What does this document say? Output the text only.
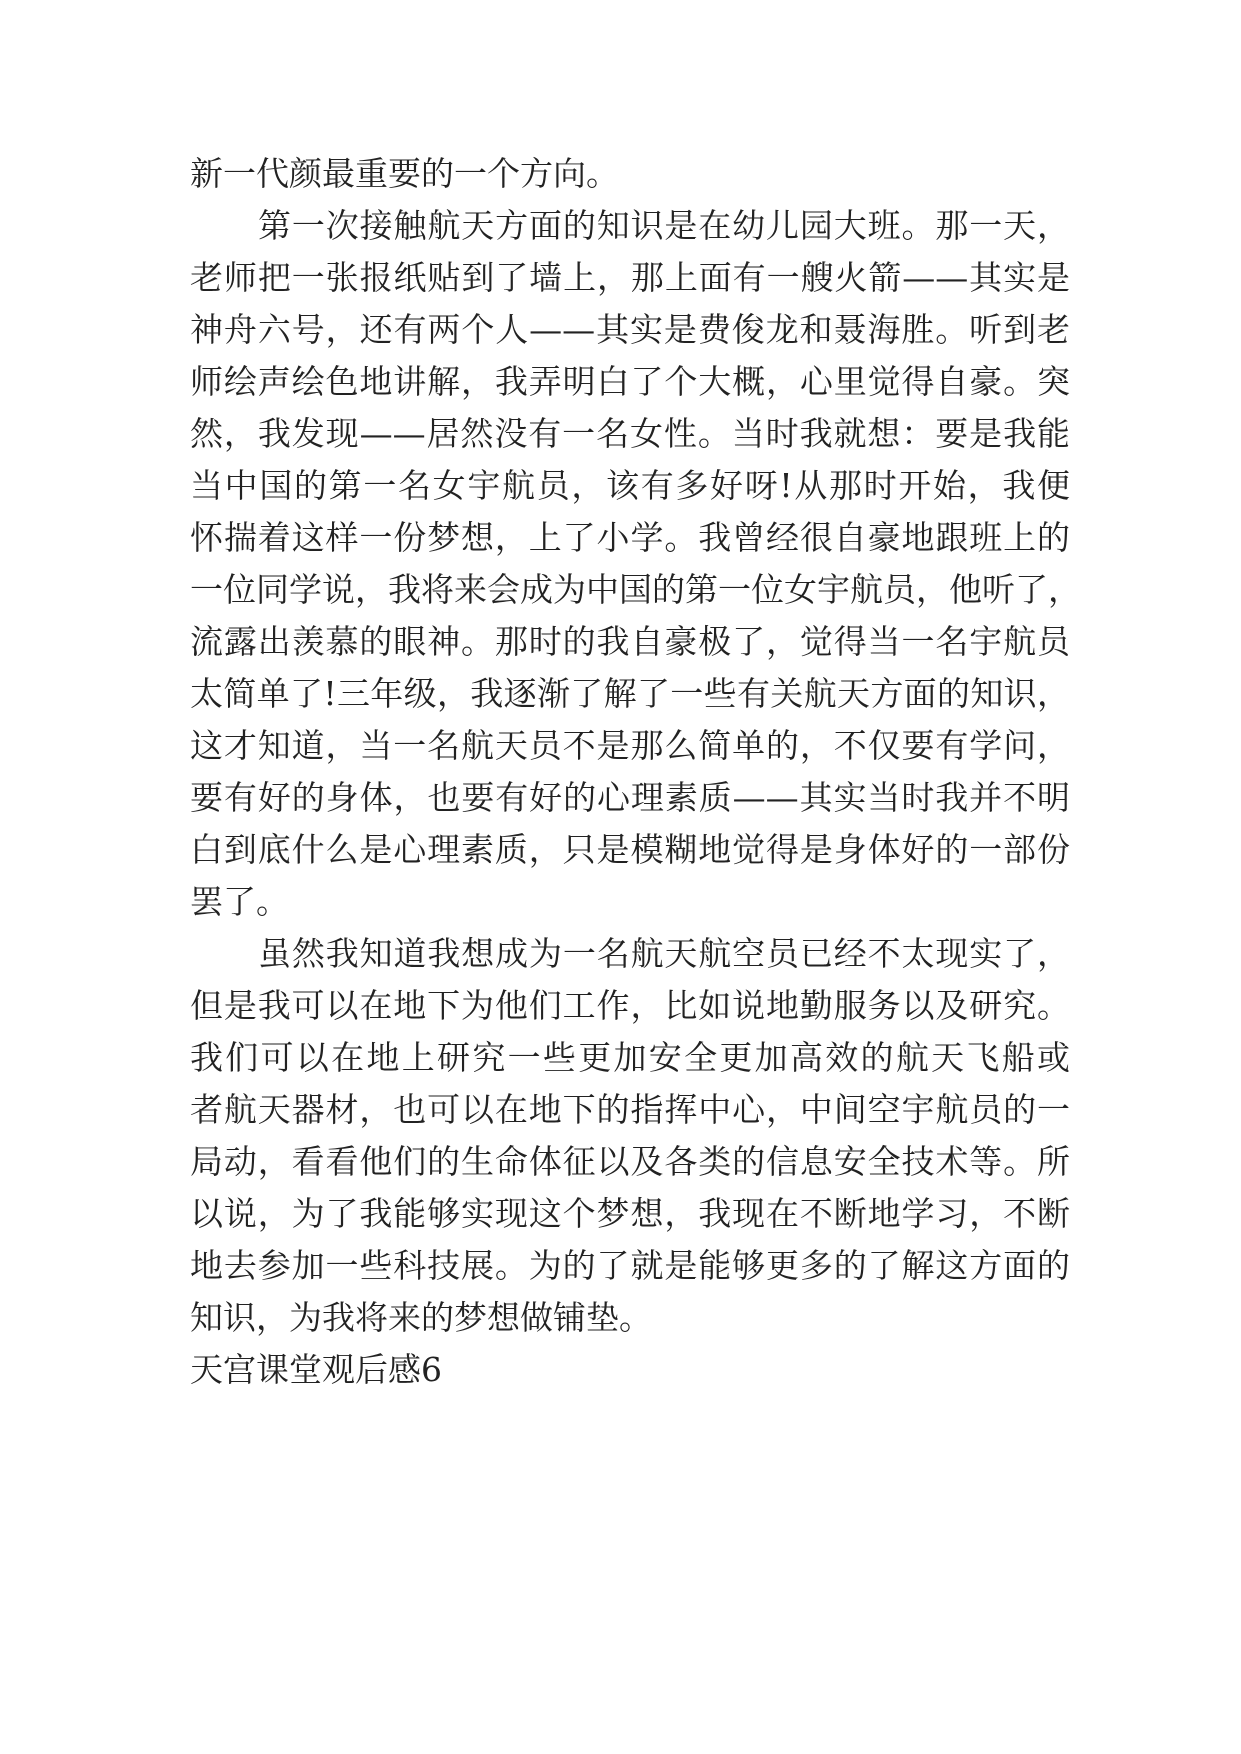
新一代颜最重要的一个方向。
第一次接触航天方面的知识是在幼儿园大班。那一天，
老师把一张报纸贴到了墙上，那上面有一艘火箭——其实是
神舟六号，还有两个人——其实是费俊龙和聂海胜。听到老
师绘声绘色地讲解，我弄明白了个大概，心里觉得自豪。突
然，我发现——居然没有一名女性。当时我就想：要是我能
当中国的第一名女宇航员，该有多好呀!从那时开始，我便
怀揣着这样一份梦想，上了小学。我曾经很自豪地跟班上的
一位同学说，我将来会成为中国的第一位女宇航员，他听了，
流露出羡慕的眼神。那时的我自豪极了，觉得当一名宇航员
太简单了!三年级，我逐渐了解了一些有关航天方面的知识，
这才知道，当一名航天员不是那么简单的，不仅要有学问，
要有好的身体，也要有好的心理素质——其实当时我并不明
白到底什么是心理素质，只是模糊地觉得是身体好的一部份
罢了。
虽然我知道我想成为一名航天航空员已经不太现实了，
但是我可以在地下为他们工作，比如说地勤服务以及研究。
我们可以在地上研究一些更加安全更加高效的航天飞船或
者航天器材，也可以在地下的指挥中心，中间空宇航员的一
局动，看看他们的生命体征以及各类的信息安全技术等。所
以说，为了我能够实现这个梦想，我现在不断地学习，不断
地去参加一些科技展。为的了就是能够更多的了解这方面的
知识，为我将来的梦想做铺垫。
天宫课堂观后感6
